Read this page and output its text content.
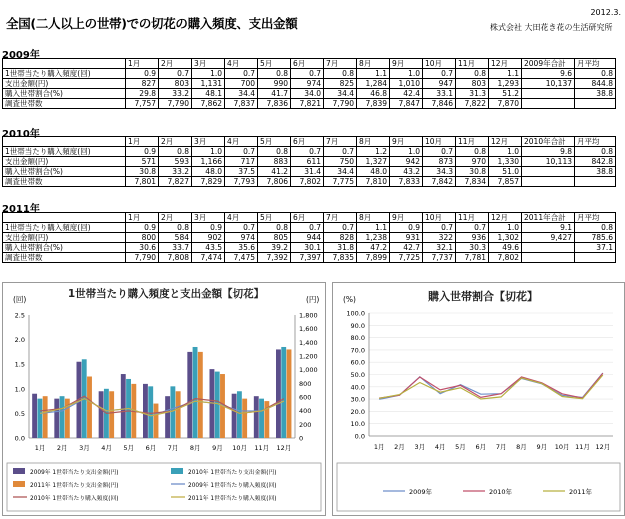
全国(二人以上の世帯)での切花の購入頻度、支出金額
2012.3.
株式会社 大田花き花の生活研究所
2009年
	1月	2月	3月	4月	5月	6月	7月	8月	9月	10月	11月	12月	2009年合計	月平均
1世帯当たり購入頻度(回)	0.9	0.7	1.0	0.7	0.8	0.7	0.8	1.1	1.0	0.7	0.8	1.1	9.6	0.8
支出金額(円)	827	803	1,131	700	990	974	825	1,284	1,010	947	803	1,293	10,137	844.8
購入世帯割合(%)	29.8	33.2	48.1	34.4	41.7	34.0	34.4	46.8	42.4	33.1	31.3	51.2		38.8
調査世帯数	7,757	7,790	7,862	7,837	7,836	7,821	7,790	7,839	7,847	7,846	7,822	7,870		
2010年
	1月	2月	3月	4月	5月	6月	7月	8月	9月	10月	11月	12月	2010年合計	月平均
1世帯当たり購入頻度(回)	0.9	0.8	1.0	0.7	0.8	0.7	0.7	1.2	1.0	0.7	0.8	1.0	9.8	0.8
支出金額(円)	571	593	1,166	717	883	611	750	1,327	942	873	970	1,330	10,113	842.8
購入世帯割合(%)	30.8	33.2	48.0	37.5	41.2	31.4	34.4	48.0	43.2	34.3	30.8	51.0		38.8
調査世帯数	7,801	7,827	7,829	7,793	7,806	7,802	7,775	7,810	7,833	7,842	7,834	7,857		
2011年
	1月	2月	3月	4月	5月	6月	7月	8月	9月	10月	11月	12月	2011年合計	月平均
1世帯当たり購入頻度(回)	0.9	0.8	0.9	0.7	0.8	0.7	0.7	1.1	0.9	0.7	0.7	1.0	9.1	0.8
支出金額(円)	800	584	902	974	805	944	828	1,238	931	322	936	1,302	9,427	785.6
購入世帯割合(%)	30.6	33.7	43.5	35.6	39.2	30.1	31.8	47.2	42.7	32.1	30.3	49.6		37.1
調査世帯数	7,790	7,808	7,474	7,475	7,392	7,397	7,835	7,899	7,725	7,737	7,781	7,802		
1世帯当たり購入頻度と支出金額【切花】
(回)	(円)
0.0
0.5
1.0
1.5
2.0
2.5
0
200
400
600
800
1,000
1,200
1,400
1,600
1,800
1月 2月 3月 4月 5月 6月 7月 8月 9月 10月 11月 12月
2009年 1世帯当たり支出金額(円)	2010年 1世帯当たり支出金額(円)
2011年 1世帯当たり支出金額(円)	2009年 1世帯当たり購入頻度(回)
2010年 1世帯当たり購入頻度(回)	2011年 1世帯当たり購入頻度(回)
購入世帯割合【切花】
(%)
0.0
10.0
20.0
30.0
40.0
50.0
60.0
70.0
80.0
90.0
100.0
1月 2月 3月 4月 5月 6月 7月 8月 9月 10月 11月 12月
2009年	2010年	2011年
